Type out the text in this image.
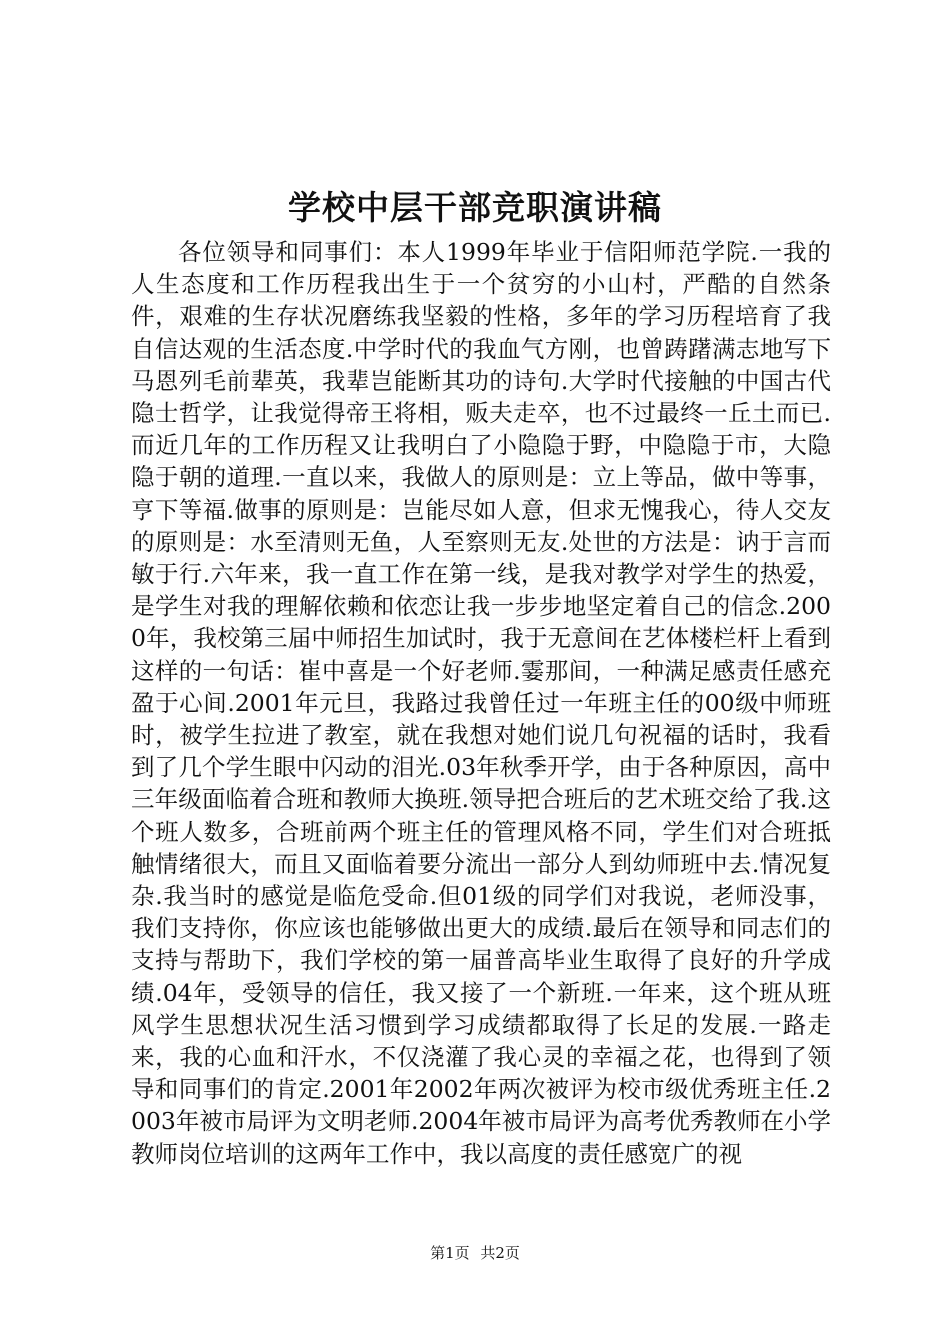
学校中层干部竞职演讲稿

各位领导和同事们：本人1999年毕业于信阳师范学院.一我的人生态度和工作历程我出生于一个贫穷的小山村，严酷的自然条件，艰难的生存状况磨练我坚毅的性格，多年的学习历程培育了我自信达观的生活态度.中学时代的我血气方刚，也曾踌躇满志地写下马恩列毛前辈英，我辈岂能断其功的诗句.大学时代接触的中国古代隐士哲学，让我觉得帝王将相，贩夫走卒，也不过最终一丘土而已.而近几年的工作历程又让我明白了小隐隐于野，中隐隐于市，大隐隐于朝的道理.一直以来，我做人的原则是：立上等品，做中等事，亨下等福.做事的原则是：岂能尽如人意，但求无愧我心，待人交友的原则是：水至清则无鱼，人至察则无友.处世的方法是：讷于言而敏于行.六年来，我一直工作在第一线，是我对教学对学生的热爱，是学生对我的理解依赖和依恋让我一步步地坚定着自己的信念.2000年，我校第三届中师招生加试时，我于无意间在艺体楼栏杆上看到这样的一句话：崔中喜是一个好老师.霎那间，一种满足感责任感充盈于心间.2001年元旦，我路过我曾任过一年班主任的00级中师班时，被学生拉进了教室，就在我想对她们说几句祝福的话时，我看到了几个学生眼中闪动的泪光.03年秋季开学，由于各种原因，高中三年级面临着合班和教师大换班.领导把合班后的艺术班交给了我.这个班人数多，合班前两个班主任的管理风格不同，学生们对合班抵触情绪很大，而且又面临着要分流出一部分人到幼师班中去.情况复杂.我当时的感觉是临危受命.但01级的同学们对我说，老师没事，我们支持你，你应该也能够做出更大的成绩.最后在领导和同志们的支持与帮助下，我们学校的第一届普高毕业生取得了良好的升学成绩.04年，受领导的信任，我又接了一个新班.一年来，这个班从班风学生思想状况生活习惯到学习成绩都取得了长足的发展.一路走来，我的心血和汗水，不仅浇灌了我心灵的幸福之花，也得到了领导和同事们的肯定.2001年2002年两次被评为校市级优秀班主任.2003年被市局评为文明老师.2004年被市局评为高考优秀教师在小学教师岗位培训的这两年工作中，我以高度的责任感宽广的视

第1页 共2页
